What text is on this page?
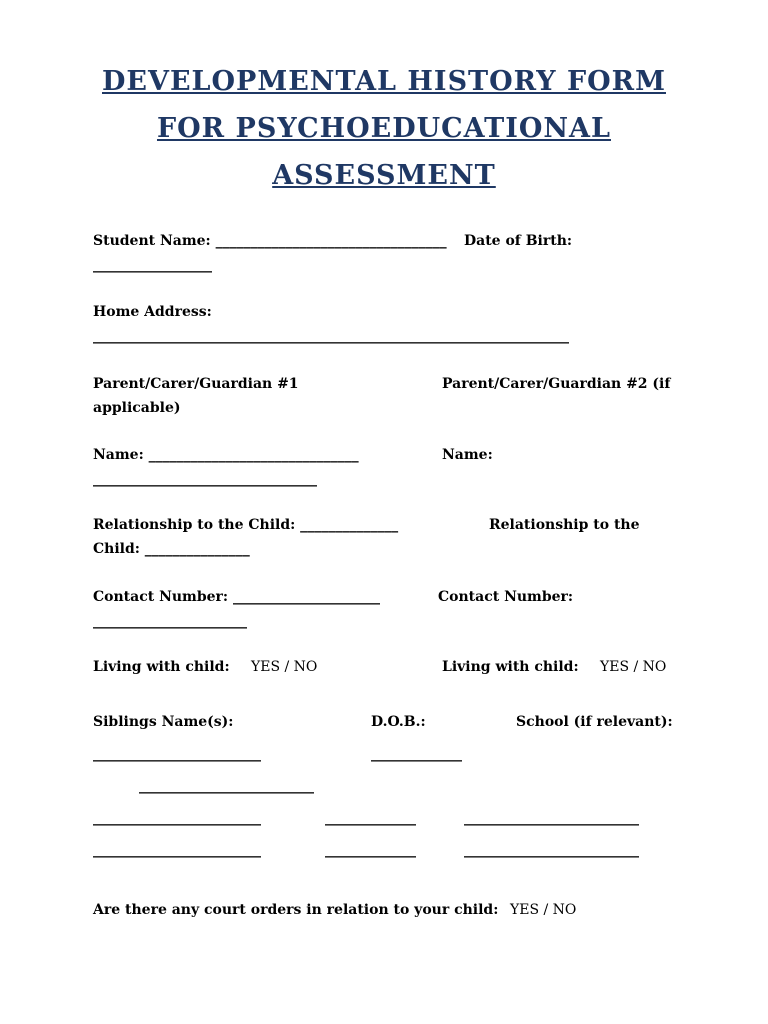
DEVELOPMENTAL HISTORY FORM
FOR PSYCHOEDUCATIONAL
ASSESSMENT
Student Name: _________________________________ Date of Birth:
_________________
Home Address:
____________________________________________________________________
Parent/Carer/Guardian #1	Parent/Carer/Guardian #2 (if
applicable)
Name: ______________________________	Name:
________________________________
Relationship to the Child: ______________	Relationship to the
Child: _______________
Contact Number: _____________________	Contact Number:
______________________
Living with child: YES / NO	Living with child: YES / NO
Siblings Name(s):	D.O.B.:	School (if relevant):
________________________	_____________
_________________________
________________________	_____________	_________________________
________________________	_____________	_________________________
Are there any court orders in relation to your child: YES / NO
